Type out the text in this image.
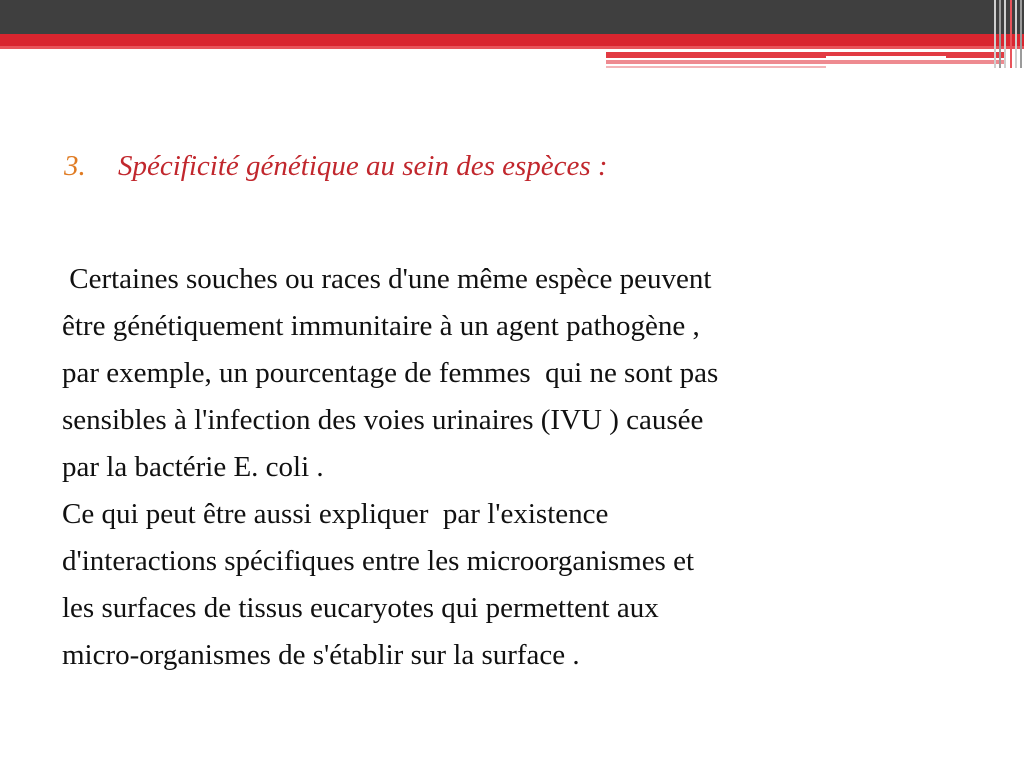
3. Spécificité génétique au sein des espèces :

Certaines souches ou races d'une même espèce peuvent

être génétiquement immunitaire à un agent pathogène ,

par exemple, un pourcentage de femmes  qui ne sont pas

sensibles à l'infection des voies urinaires (IVU ) causée

par la bactérie E. coli .

Ce qui peut être aussi expliquer  par l'existence

d'interactions spécifiques entre les microorganismes et

les surfaces de tissus eucaryotes qui permettent aux

micro-organismes de s'établir sur la surface .
